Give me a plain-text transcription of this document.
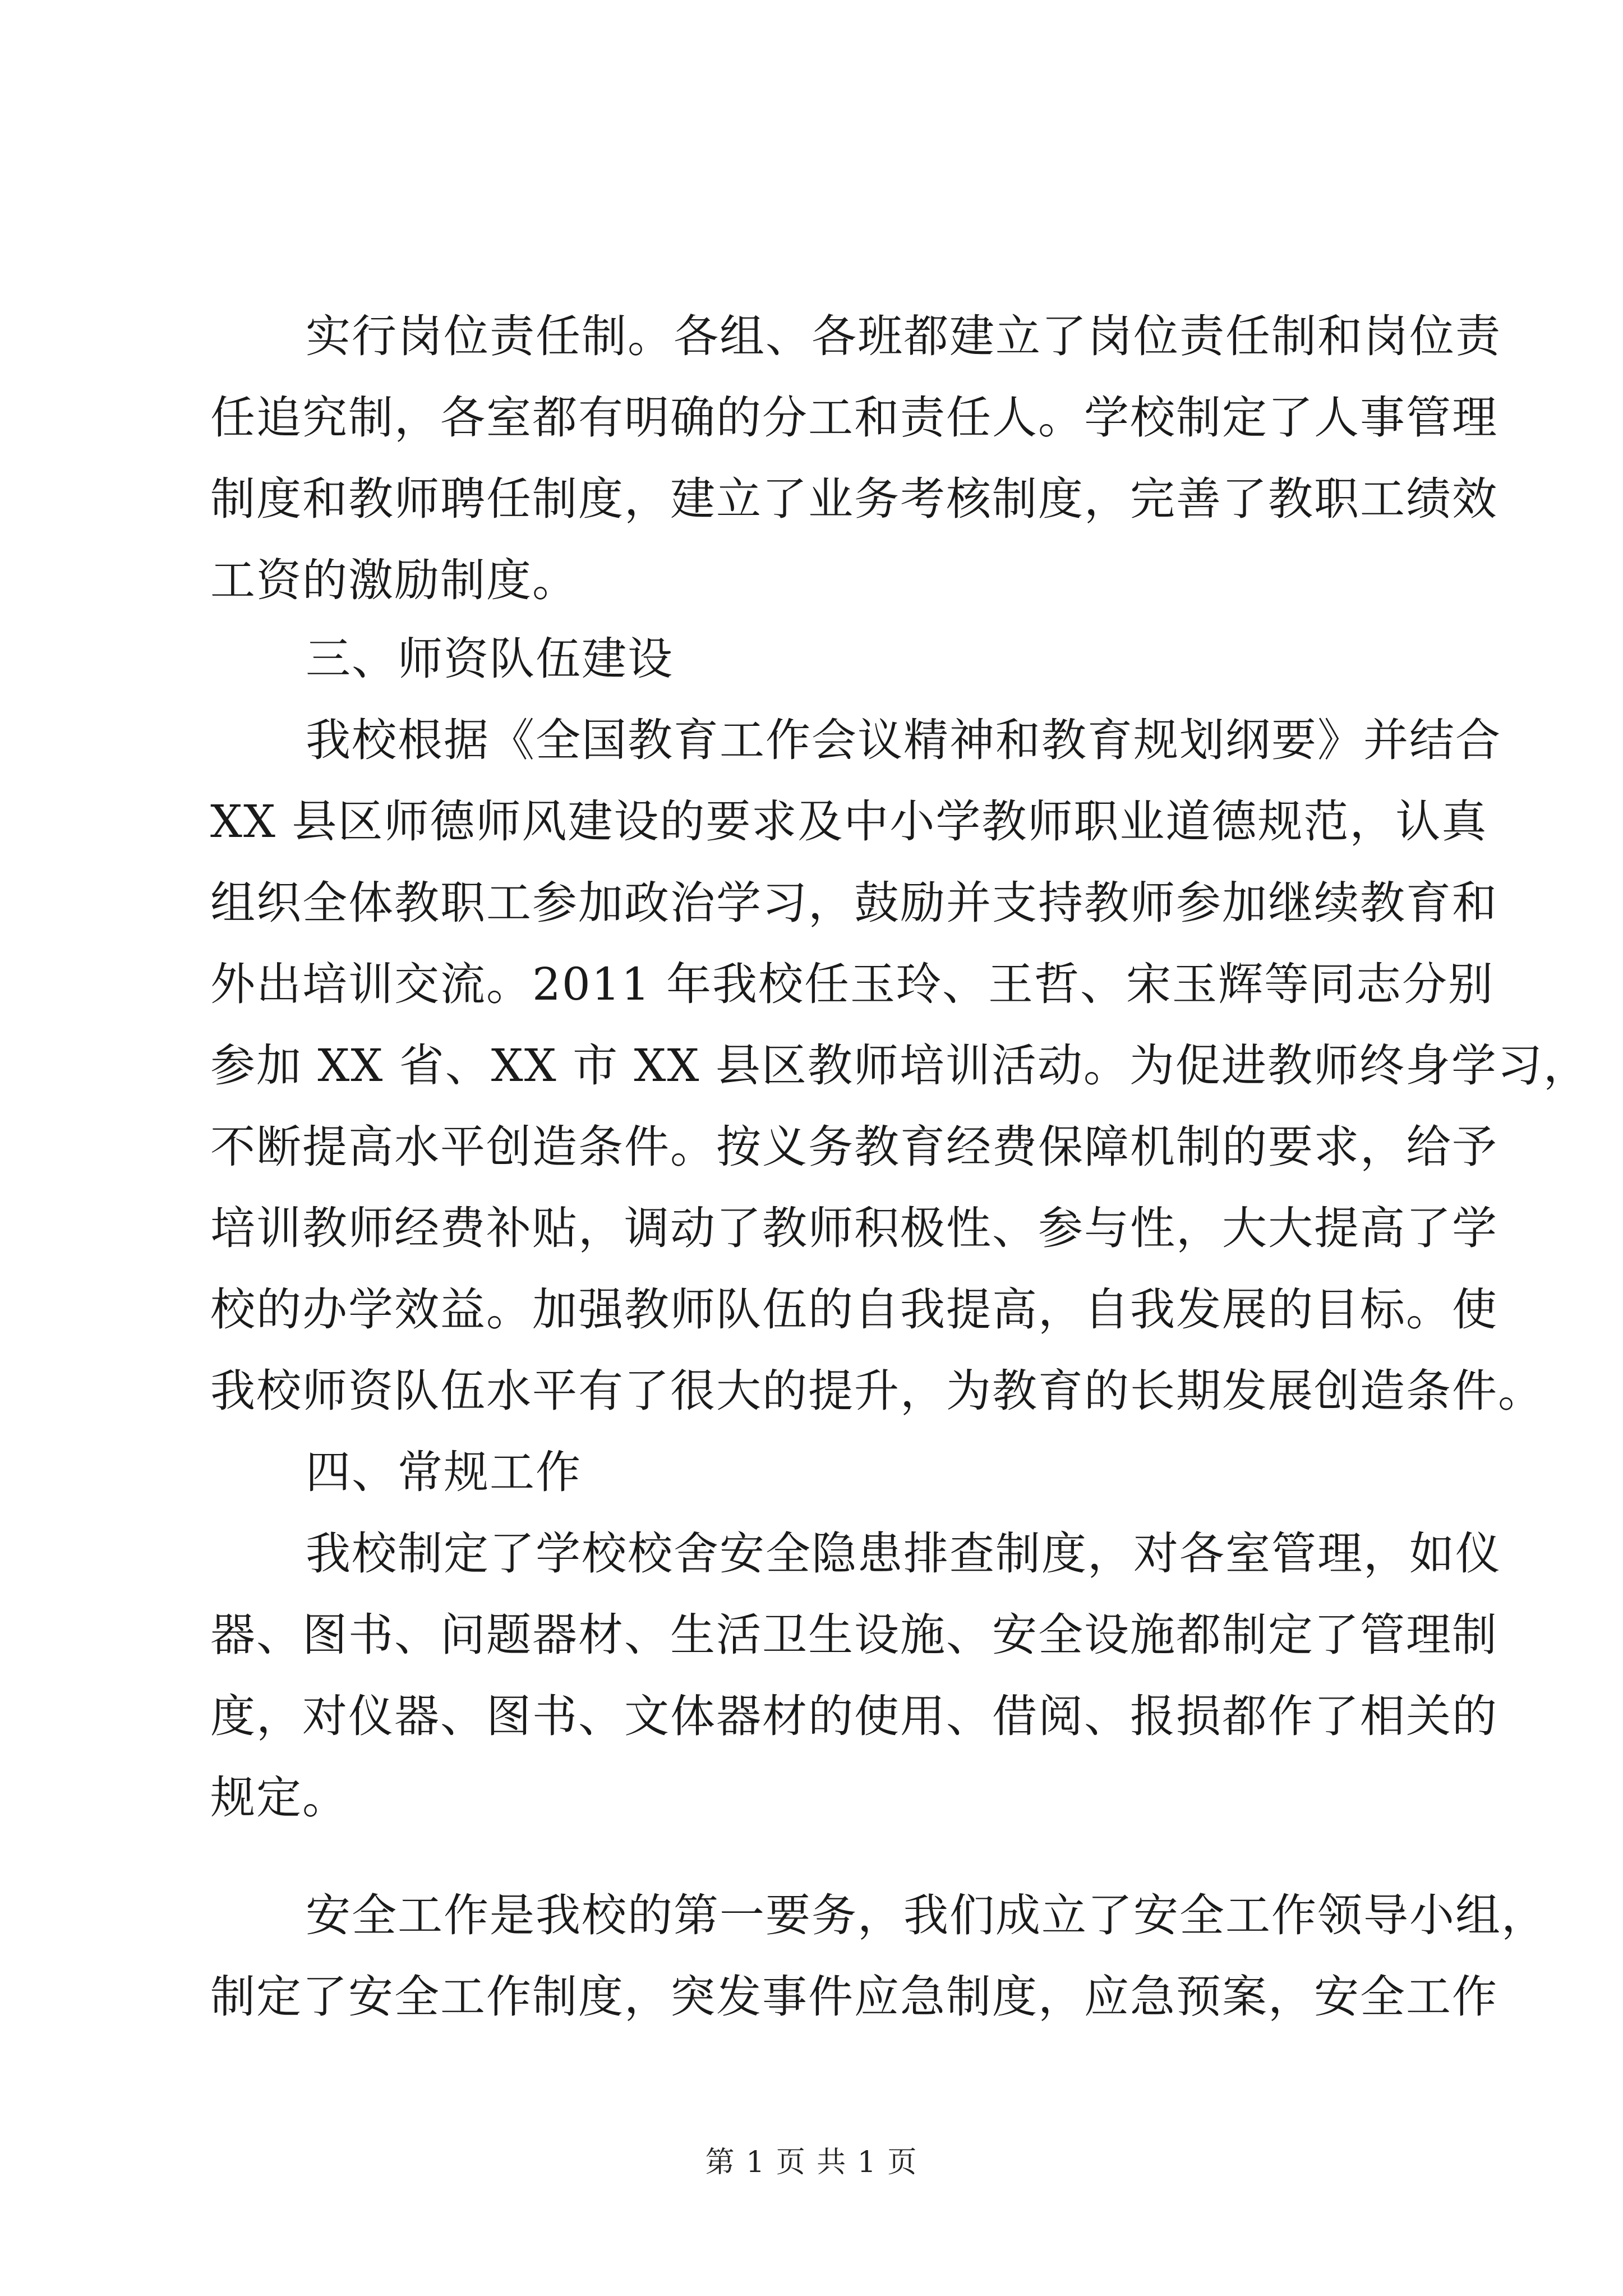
实行岗位责任制。各组、各班都建立了岗位责任制和岗位责
任追究制，各室都有明确的分工和责任人。学校制定了人事管理
制度和教师聘任制度，建立了业务考核制度，完善了教职工绩效
工资的激励制度。
三、师资队伍建设
我校根据《全国教育工作会议精神和教育规划纲要》并结合
XX 县区师德师风建设的要求及中小学教师职业道德规范，认真
组织全体教职工参加政治学习，鼓励并支持教师参加继续教育和
外出培训交流。2011 年我校任玉玲、王哲、宋玉辉等同志分别
参加 XX 省、XX 市 XX 县区教师培训活动。为促进教师终身学习，
不断提高水平创造条件。按义务教育经费保障机制的要求，给予
培训教师经费补贴，调动了教师积极性、参与性，大大提高了学
校的办学效益。加强教师队伍的自我提高，自我发展的目标。使
我校师资队伍水平有了很大的提升，为教育的长期发展创造条件。
四、常规工作
我校制定了学校校舍安全隐患排查制度，对各室管理，如仪
器、图书、问题器材、生活卫生设施、安全设施都制定了管理制
度，对仪器、图书、文体器材的使用、借阅、报损都作了相关的
规定。
安全工作是我校的第一要务，我们成立了安全工作领导小组，
制定了安全工作制度，突发事件应急制度，应急预案，安全工作
第 1 页 共 1 页
